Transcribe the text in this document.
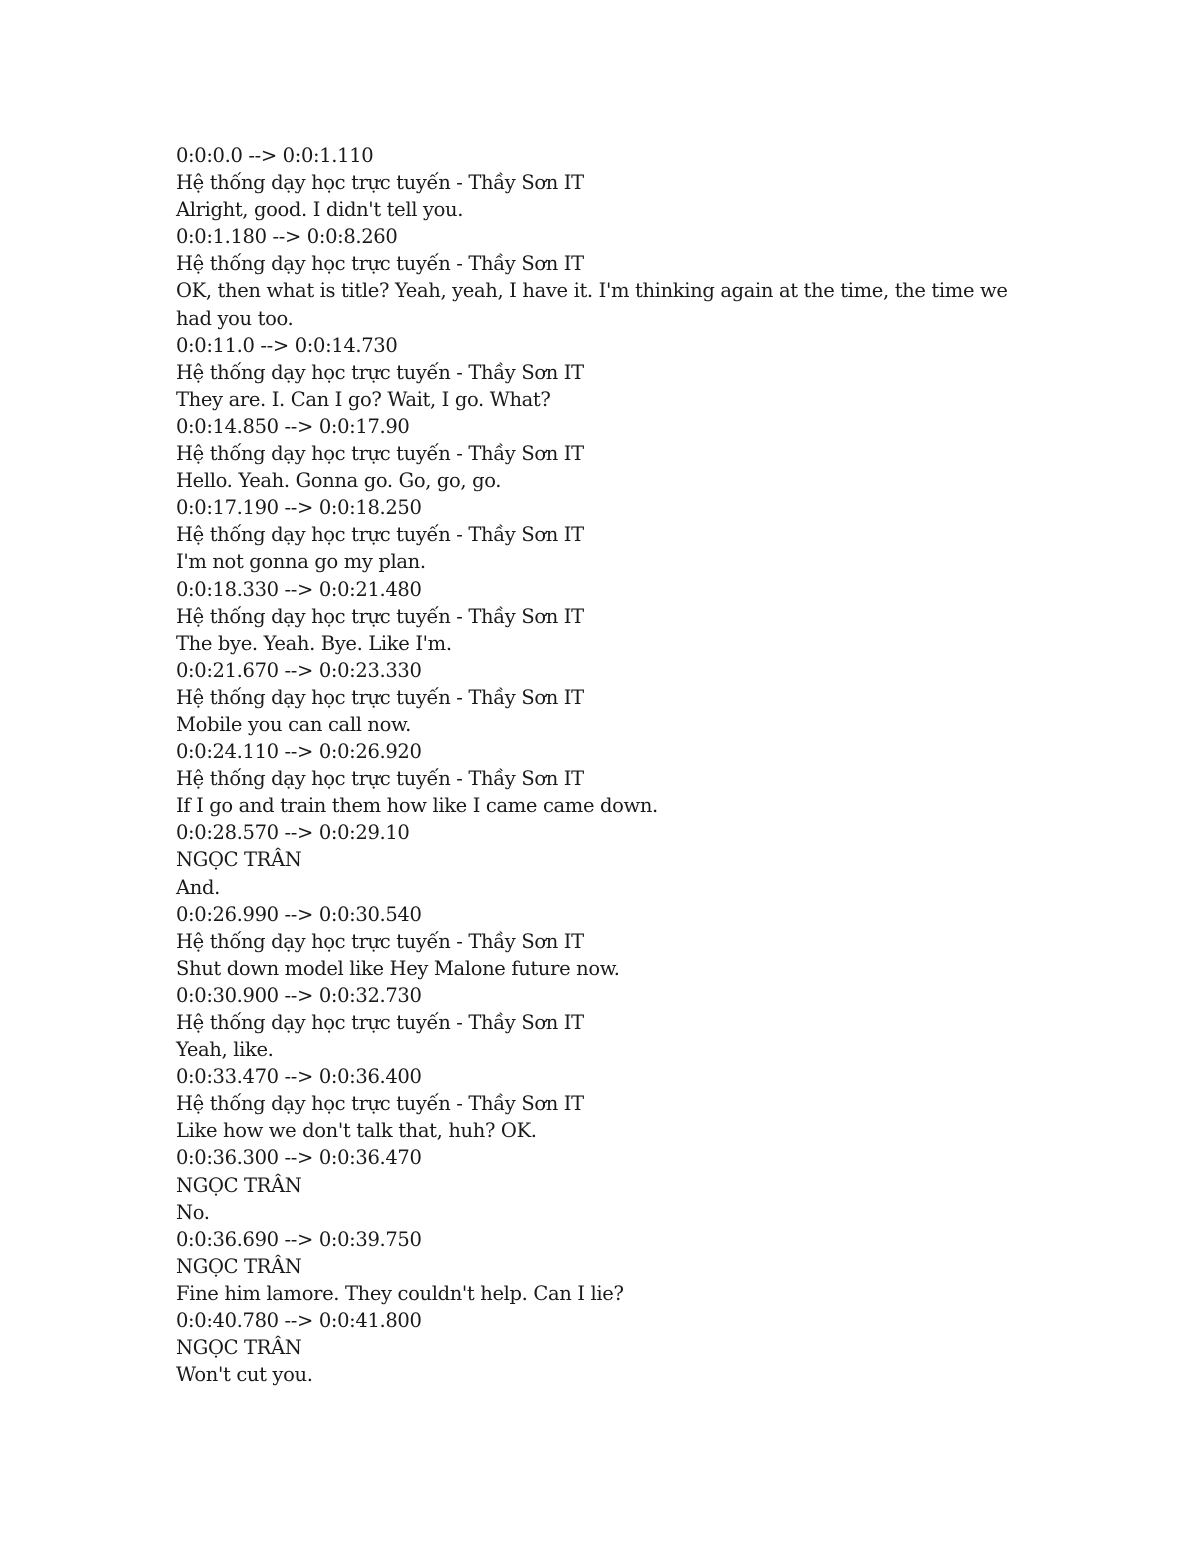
0:0:0.0 --> 0:0:1.110
Hệ thống dạy học trực tuyến - Thầy Sơn IT
Alright, good. I didn't tell you.
0:0:1.180 --> 0:0:8.260
Hệ thống dạy học trực tuyến - Thầy Sơn IT
OK, then what is title? Yeah, yeah, I have it. I'm thinking again at the time, the time we had you too.
0:0:11.0 --> 0:0:14.730
Hệ thống dạy học trực tuyến - Thầy Sơn IT
They are. I. Can I go? Wait, I go. What?
0:0:14.850 --> 0:0:17.90
Hệ thống dạy học trực tuyến - Thầy Sơn IT
Hello. Yeah. Gonna go. Go, go, go.
0:0:17.190 --> 0:0:18.250
Hệ thống dạy học trực tuyến - Thầy Sơn IT
I'm not gonna go my plan.
0:0:18.330 --> 0:0:21.480
Hệ thống dạy học trực tuyến - Thầy Sơn IT
The bye. Yeah. Bye. Like I'm.
0:0:21.670 --> 0:0:23.330
Hệ thống dạy học trực tuyến - Thầy Sơn IT
Mobile you can call now.
0:0:24.110 --> 0:0:26.920
Hệ thống dạy học trực tuyến - Thầy Sơn IT
If I go and train them how like I came came down.
0:0:28.570 --> 0:0:29.10
NGỌC TRÂN
And.
0:0:26.990 --> 0:0:30.540
Hệ thống dạy học trực tuyến - Thầy Sơn IT
Shut down model like Hey Malone future now.
0:0:30.900 --> 0:0:32.730
Hệ thống dạy học trực tuyến - Thầy Sơn IT
Yeah, like.
0:0:33.470 --> 0:0:36.400
Hệ thống dạy học trực tuyến - Thầy Sơn IT
Like how we don't talk that, huh? OK.
0:0:36.300 --> 0:0:36.470
NGỌC TRÂN
No.
0:0:36.690 --> 0:0:39.750
NGỌC TRÂN
Fine him lamore. They couldn't help. Can I lie?
0:0:40.780 --> 0:0:41.800
NGỌC TRÂN
Won't cut you.
